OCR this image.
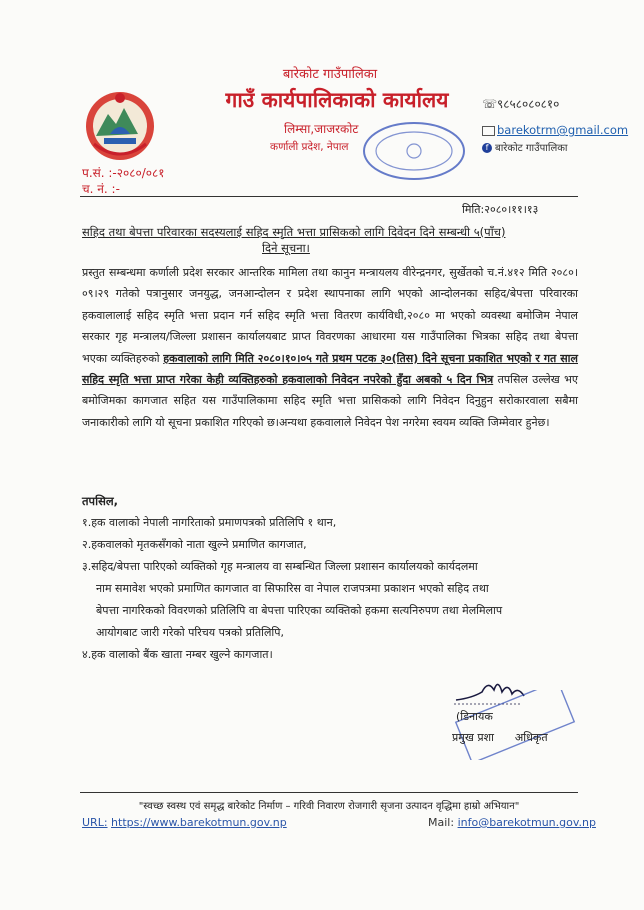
बारेकोट गाउँपालिका
गाउँ कार्यपालिकाको कार्यालय
लिम्सा,जाजरकोट
कर्णाली प्रदेश, नेपाल
☏९८५८०८०८१०
barekotrm@gmail.com
f बारेकोट गाउँपालिका
प.सं. :-२०८०/०८१
च. नं. :-
मिति:२०८०।११।१३
सहिद तथा बेपत्ता परिवारका सदस्यलाई सहिद स्मृति भत्ता प्रासिकको लागि दिवेदन दिने सम्बन्धी ५(पाँच)
दिने सूचना।
प्रस्तुत सम्बन्धमा कर्णाली प्रदेश सरकार आन्तरिक मामिला तथा कानुन मन्त्रायलय वीरेन्द्रनगर, सुर्खेतको च.नं.४१२ मिति २०८०।०९।२९ गतेको पत्रानुसार जनयुद्ध, जनआन्दोलन र प्रदेश स्थापनाका लागि भएको आन्दोलनका सहिद/बेपत्ता परिवारका हकवालालाई सहिद स्मृति भत्ता प्रदान गर्न सहिद स्मृति भत्ता वितरण कार्यविधी,२०८० मा भएको व्यवस्था बमोजिम नेपाल सरकार गृह मन्त्रालय/जिल्ला प्रशासन कार्यालयबाट प्राप्त विवरणका आधारमा यस गाउँपालिका भित्रका सहिद तथा बेपत्ता भएका व्यक्तिहरुको हकवालाको लागि मिति २०८०।१०।०५ गते प्रथम पटक ३०(तिस) दिने सूचना प्रकाशित भएको र गत साल सहिद स्मृति भत्ता प्राप्त गरेका केही व्यक्तिहरुको हकवालाको निवेदन नपरेको हुँदा अबको ५ दिन भित्र तपसिल उल्लेख भए बमोजिमका कागजात सहित यस गाउँपालिकामा सहिद स्मृति भत्ता प्रासिकको लागि निवेदन दिनुहुन सरोकारवाला सबैमा जनाकारीको लागि यो सूचना प्रकाशित गरिएको छ।अन्यथा हकवालाले निवेदन पेश नगरेमा स्वयम व्यक्ति जिम्मेवार हुनेछ।
तपसिल,
१.हक वालाको नेपाली नागरिताको प्रमाणपत्रको प्रतिलिपि १ थान,
२.हकवालको मृतकसँगको नाता खुल्ने प्रमाणित कागजात,
३.सहिद/बेपत्ता पारिएको व्यक्तिको गृह मन्त्रालय वा सम्बन्धित जिल्ला प्रशासन कार्यालयको कार्यदलमा
नाम समावेश भएको प्रमाणित कागजात वा सिफारिस वा नेपाल राजपत्रमा प्रकाशन भएको सहिद तथा
बेपत्ता नागरिकको विवरणको प्रतिलिपि वा बेपत्ता पारिएका व्यक्तिको हकमा सत्यनिरुपण तथा मेलमिलाप
आयोगबाट जारी गरेको परिचय पत्रको प्रतिलिपि,
४.हक वालाको बैंक खाता नम्बर खुल्ने कागजात।
(डिनायक
प्रमुख प्रशा अधिकृत
"स्वच्छ स्वस्थ एवं समृद्ध बारेकोट निर्माण – गरिवी निवारण रोजगारी सृजना उत्पादन वृद्धिमा हाम्रो अभियान"
URL: https://www.barekotmun.gov.np	Mail: info@barekotmun.gov.np
